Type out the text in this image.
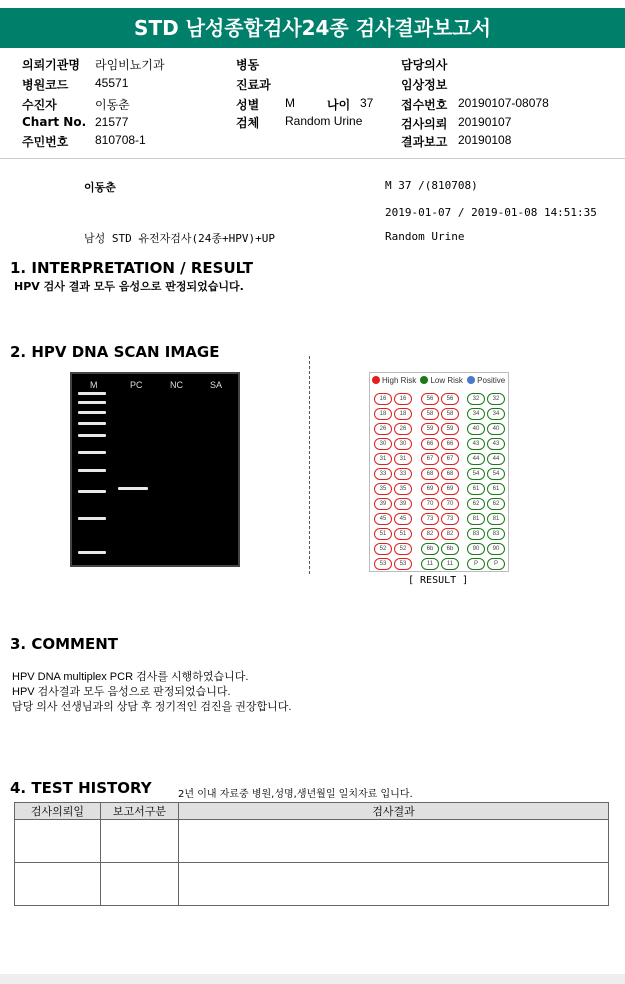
STD 남성종합검사24종 검사결과보고서
의뢰기관명 라임비뇨기과
병원코드 45571
수진자	이동춘
Chart No. 21577
주민번호 810708-1
병동
진료과
성별 M	나이 37
검체 Random Urine
담당의사
임상정보
접수번호 20190107-08078
검사의뢰 20190107
결과보고 20190108
이동춘	M 37 /(810708)
2019-01-07 / 2019-01-08 14:51:35
남성 STD 유전자검사(24종+HPV)+UP	Random Urine
1. INTERPRETATION / RESULT
HPV 검사 결과 모두 음성으로 판정되었습니다.
2. HPV DNA SCAN IMAGE
M	PC	NC	SA	High Risk Low Risk Positive
16	16	56	56	32	32
18	18	58	58	34	34
26	26	59	59	40	40
30	30	66	66	43	43
31	31	67	67	44	44
33	33	68	68	54	54
35	35	69	69	61	61
39	39	70	70	62	62
45	45	73	73	81	81
51	51	82	82	83	83
52	52	6b	6b	90	90
53	53	11	11	P	P
[ RESULT ]
3. COMMENT
HPV DNA multiplex PCR 검사를 시행하였습니다.
HPV 검사결과 모두 음성으로 판정되었습니다.
담당 의사 선생님과의 상담 후 정기적인 검진을 권장합니다.
4. TEST HISTORY	2년 이내 자료중 병원,성명,생년월일 일치자료 입니다.
검사의뢰일	보고서구분	검사결과
